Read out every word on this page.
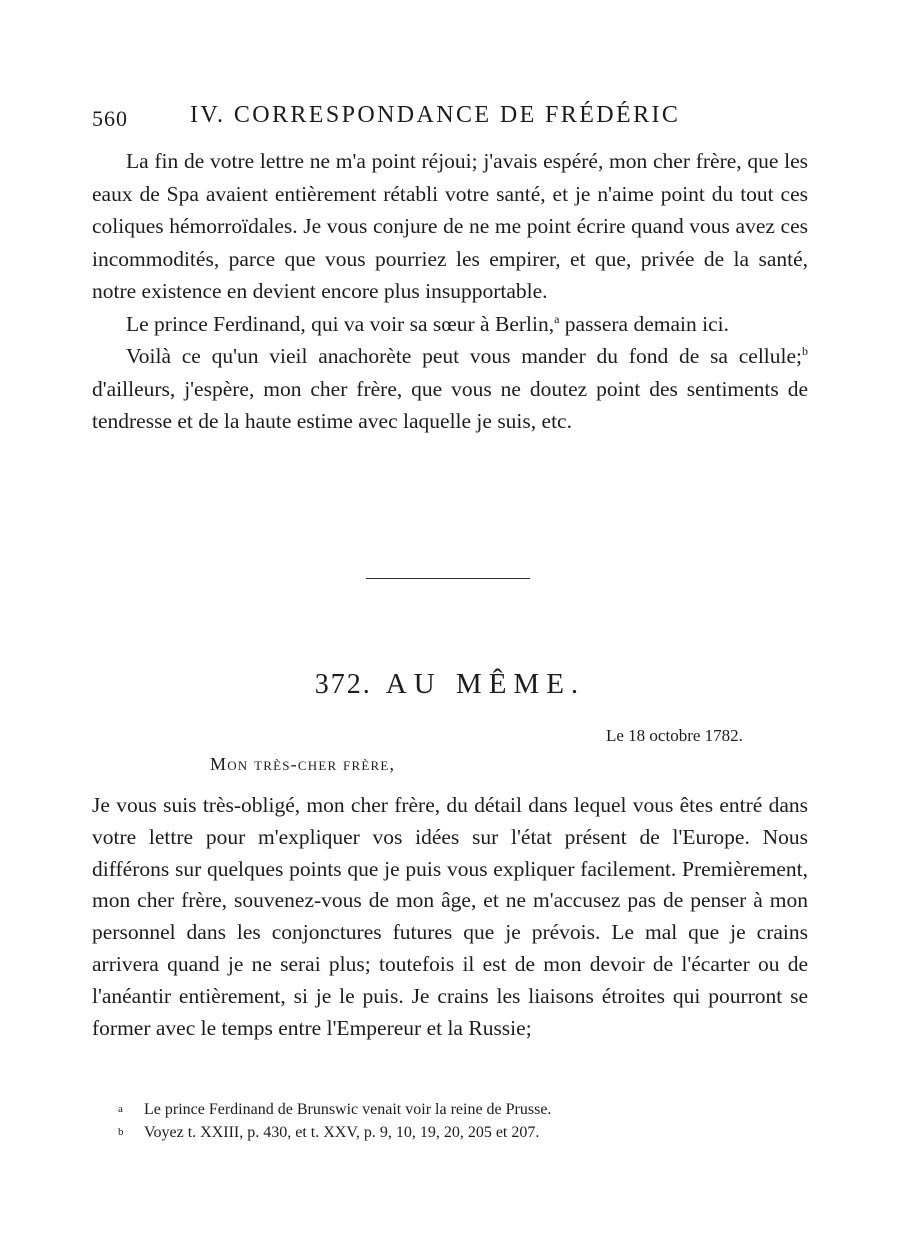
560	IV. CORRESPONDANCE DE FRÉDÉRIC

La fin de votre lettre ne m'a point réjoui; j'avais espéré, mon cher frère, que les eaux de Spa avaient entièrement rétabli votre santé, et je n'aime point du tout ces coliques hémorroïdales. Je vous conjure de ne me point écrire quand vous avez ces incommodités, parce que vous pourriez les empirer, et que, privée de la santé, notre existence en devient encore plus insupportable.

Le prince Ferdinand, qui va voir sa sœur à Berlin,$^a$ passera demain ici.

Voilà ce qu'un vieil anachorète peut vous mander du fond de sa cellule;$^b$ d'ailleurs, j'espère, mon cher frère, que vous ne doutez point des sentiments de tendresse et de la haute estime avec laquelle je suis, etc.

372. AU MÊME.
Le 18 octobre 1782.
Mon très-cher frère,

Je vous suis très-obligé, mon cher frère, du détail dans lequel vous êtes entré dans votre lettre pour m'expliquer vos idées sur l'état présent de l'Europe. Nous différons sur quelques points que je puis vous expliquer facilement. Premièrement, mon cher frère, souvenez-vous de mon âge, et ne m'accusez pas de penser à mon personnel dans les conjonctures futures que je prévois. Le mal que je crains arrivera quand je ne serai plus; toutefois il est de mon devoir de l'écarter ou de l'anéantir entièrement, si je le puis. Je crains les liaisons étroites qui pourront se former avec le temps entre l'Empereur et la Russie;

a	Le prince Ferdinand de Brunswic venait voir la reine de Prusse.
b	Voyez t. XXIII, p. 430, et t. XXV, p. 9, 10, 19, 20, 205 et 207.
